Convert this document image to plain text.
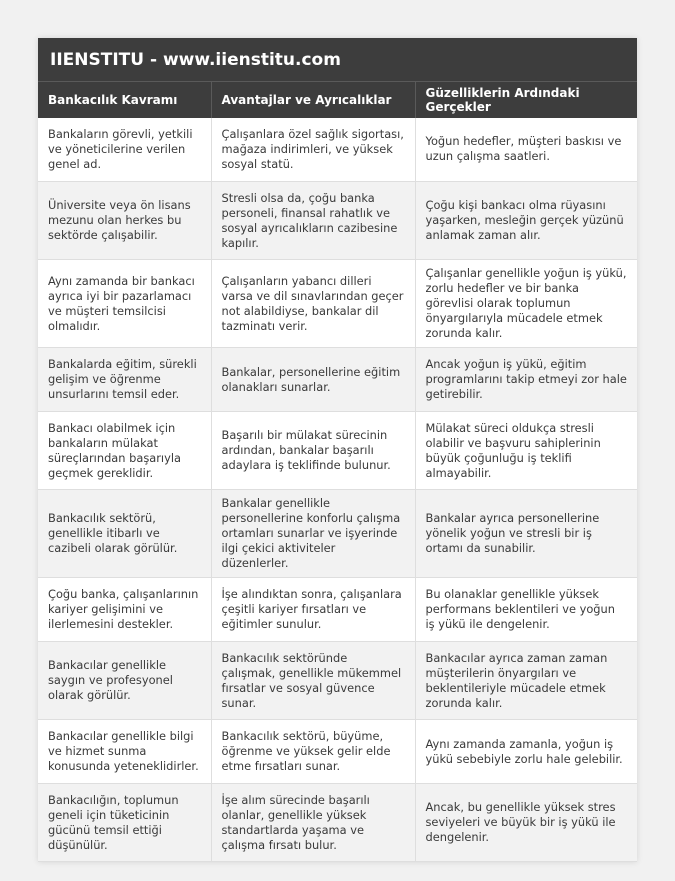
IIENSTITU - www.iienstitu.com
Bankacılık Kavramı	Avantajlar ve Ayrıcalıklar	Güzelliklerin Ardındaki Gerçekler
Bankaların görevli, yetkili ve yöneticilerine verilen genel ad.	Çalışanlara özel sağlık sigortası, mağaza indirimleri, ve yüksek sosyal statü.	Yoğun hedefler, müşteri baskısı ve uzun çalışma saatleri.
Üniversite veya ön lisans mezunu olan herkes bu sektörde çalışabilir.	Stresli olsa da, çoğu banka personeli, finansal rahatlık ve sosyal ayrıcalıkların cazibesine kapılır.	Çoğu kişi bankacı olma rüyasını yaşarken, mesleğin gerçek yüzünü anlamak zaman alır.
Aynı zamanda bir bankacı ayrıca iyi bir pazarlamacı ve müşteri temsilcisi olmalıdır.	Çalışanların yabancı dilleri varsa ve dil sınavlarından geçer not alabildiyse, bankalar dil tazminatı verir.	Çalışanlar genellikle yoğun iş yükü, zorlu hedefler ve bir banka görevlisi olarak toplumun önyargılarıyla mücadele etmek zorunda kalır.
Bankalarda eğitim, sürekli gelişim ve öğrenme unsurlarını temsil eder.	Bankalar, personellerine eğitim olanakları sunarlar.	Ancak yoğun iş yükü, eğitim programlarını takip etmeyi zor hale getirebilir.
Bankacı olabilmek için bankaların mülakat süreçlarından başarıyla geçmek gereklidir.	Başarılı bir mülakat sürecinin ardından, bankalar başarılı adaylara iş teklifinde bulunur.	Mülakat süreci oldukça stresli olabilir ve başvuru sahiplerinin büyük çoğunluğu iş teklifi almayabilir.
Bankacılık sektörü, genellikle itibarlı ve cazibeli olarak görülür.	Bankalar genellikle personellerine konforlu çalışma ortamları sunarlar ve işyerinde ilgi çekici aktiviteler düzenlerler.	Bankalar ayrıca personellerine yönelik yoğun ve stresli bir iş ortamı da sunabilir.
Çoğu banka, çalışanlarının kariyer gelişimini ve ilerlemesini destekler.	İşe alındıktan sonra, çalışanlara çeşitli kariyer fırsatları ve eğitimler sunulur.	Bu olanaklar genellikle yüksek performans beklentileri ve yoğun iş yükü ile dengelenir.
Bankacılar genellikle saygın ve profesyonel olarak görülür.	Bankacılık sektöründe çalışmak, genellikle mükemmel fırsatlar ve sosyal güvence sunar.	Bankacılar ayrıca zaman zaman müşterilerin önyargıları ve beklentileriyle mücadele etmek zorunda kalır.
Bankacılar genellikle bilgi ve hizmet sunma konusunda yeteneklidirler.	Bankacılık sektörü, büyüme, öğrenme ve yüksek gelir elde etme fırsatları sunar.	Aynı zamanda zamanla, yoğun iş yükü sebebiyle zorlu hale gelebilir.
Bankacılığın, toplumun geneli için tüketicinin gücünü temsil ettiği düşünülür.	İşe alım sürecinde başarılı olanlar, genellikle yüksek standartlarda yaşama ve çalışma fırsatı bulur.	Ancak, bu genellikle yüksek stres seviyeleri ve büyük bir iş yükü ile dengelenir.
